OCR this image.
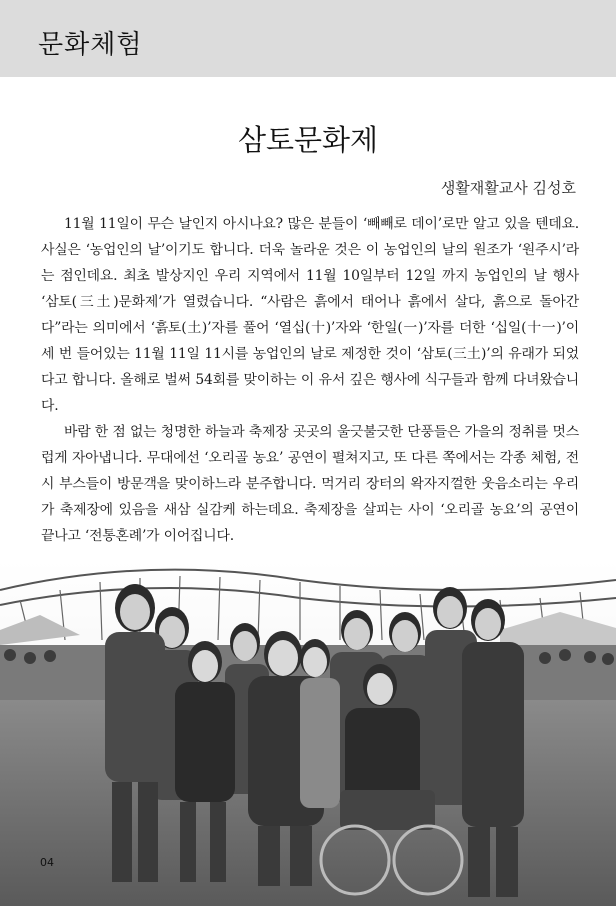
문화체험
삼토문화제
생활재활교사 김성호

11월 11일이 무슨 날인지 아시나요? 많은 분들이 ‘빼빼로 데이’로만 알고 있을 텐데요. 사실은 ‘농업인의 날’이기도 합니다. 더욱 놀라운 것은 이 농업인의 날의 원조가 ‘원주시’라는 점인데요. 최초 발상지인 우리 지역에서 11월 10일부터 12일 까지 농업인의 날 행사 ‘삼토(三土)문화제’가 열렸습니다. “사람은 흙에서 태어나 흙에서 살다, 흙으로 돌아간다”라는 의미에서 ‘흙토(土)’자를 풀어 ‘열십(十)’자와 ‘한일(一)’자를 더한 ‘십일(十一)’이 세 번 들어있는 11월 11일 11시를 농업인의 날로 제정한 것이 ‘삼토(三土)’의 유래가 되었다고 합니다. 올해로 벌써 54회를 맞이하는 이 유서 깊은 행사에 식구들과 함께 다녀왔습니다.

바람 한 점 없는 청명한 하늘과 축제장 곳곳의 울긋불긋한 단풍들은 가을의 정취를 멋스럽게 자아냅니다. 무대에선 ‘오리골 농요’ 공연이 펼쳐지고, 또 다른 쪽에서는 각종 체험, 전시 부스들이 방문객을 맞이하느라 분주합니다. 먹거리 장터의 왁자지껄한 웃음소리는 우리가 축제장에 있음을 새삼 실감케 하는데요. 축제장을 살피는 사이 ‘오리골 농요’의 공연이 끝나고 ‘전통혼례’가 이어집니다.

04
